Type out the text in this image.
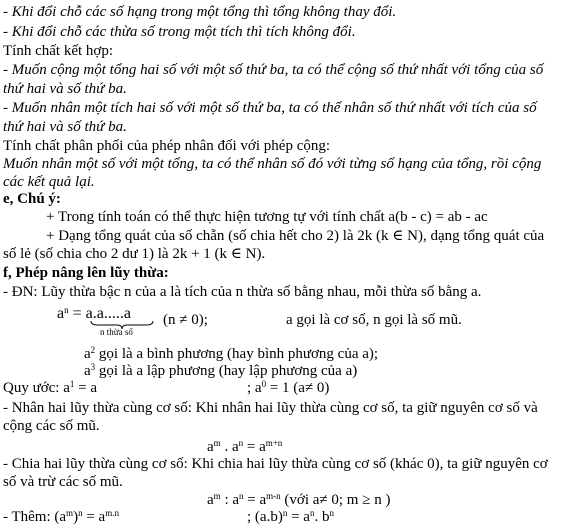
- Khi đổi chỗ các số hạng trong một tổng thì tổng không thay đổi.
- Khi đổi chỗ các thừa số trong một tích thì tích không đổi.
Tính chất kết hợp:
- Muốn cộng một tổng hai số với một số thứ ba, ta có thể cộng số thứ nhất với tổng của số
thứ hai và số thứ ba.
- Muốn nhân một tích hai số với một số thứ ba, ta có thể nhân số thứ nhất với tích của số
thứ hai và số thứ ba.
Tính chất phân phối của phép nhân đối với phép cộng:
Muốn nhân một số với một tổng, ta có thể nhân số đó với từng số hạng của tổng, rồi cộng
các kết quả lại.
e, Chú ý:
+ Trong tính toán có thể thực hiện tương tự với tính chất a(b - c) = ab - ac
+ Dạng tổng quát của số chẵn (số chia hết cho 2) là 2k (k ∈ N), dạng tổng quát của
số lẻ (số chia cho 2 dư 1) là 2k + 1 (k ∈ N).
f, Phép nâng lên lũy thừa:
- ĐN: Lũy thừa bậc n của a là tích của n thừa số bằng nhau, mỗi thừa số bằng a.
$a^n = a.a.....a$
n thừa số
(n ≠ 0);	a gọi là cơ số, n gọi là số mũ.
$a^2$ gọi là a bình phương (hay bình phương của a);
$a^3$ gọi là a lập phương (hay lập phương của a)
Quy ước: $a^1 = a$	; $a^0 = 1$ (a≠ 0)
- Nhân hai lũy thừa cùng cơ số: Khi nhân hai lũy thừa cùng cơ số, ta giữ nguyên cơ số và
cộng các số mũ.
$a^m$ . $a^n = a^{m+n}$
- Chia hai lũy thừa cùng cơ số: Khi chia hai lũy thừa cùng cơ số (khác 0), ta giữ nguyên cơ
số và trừ các số mũ.
$a^m$ : $a^n = a^{m-n}$ (với a≠ 0; m ≥ n )
- Thêm: $(a^m)^n = a^{m.n}$	; $(a.b)^n = a^n$. $b^n$
